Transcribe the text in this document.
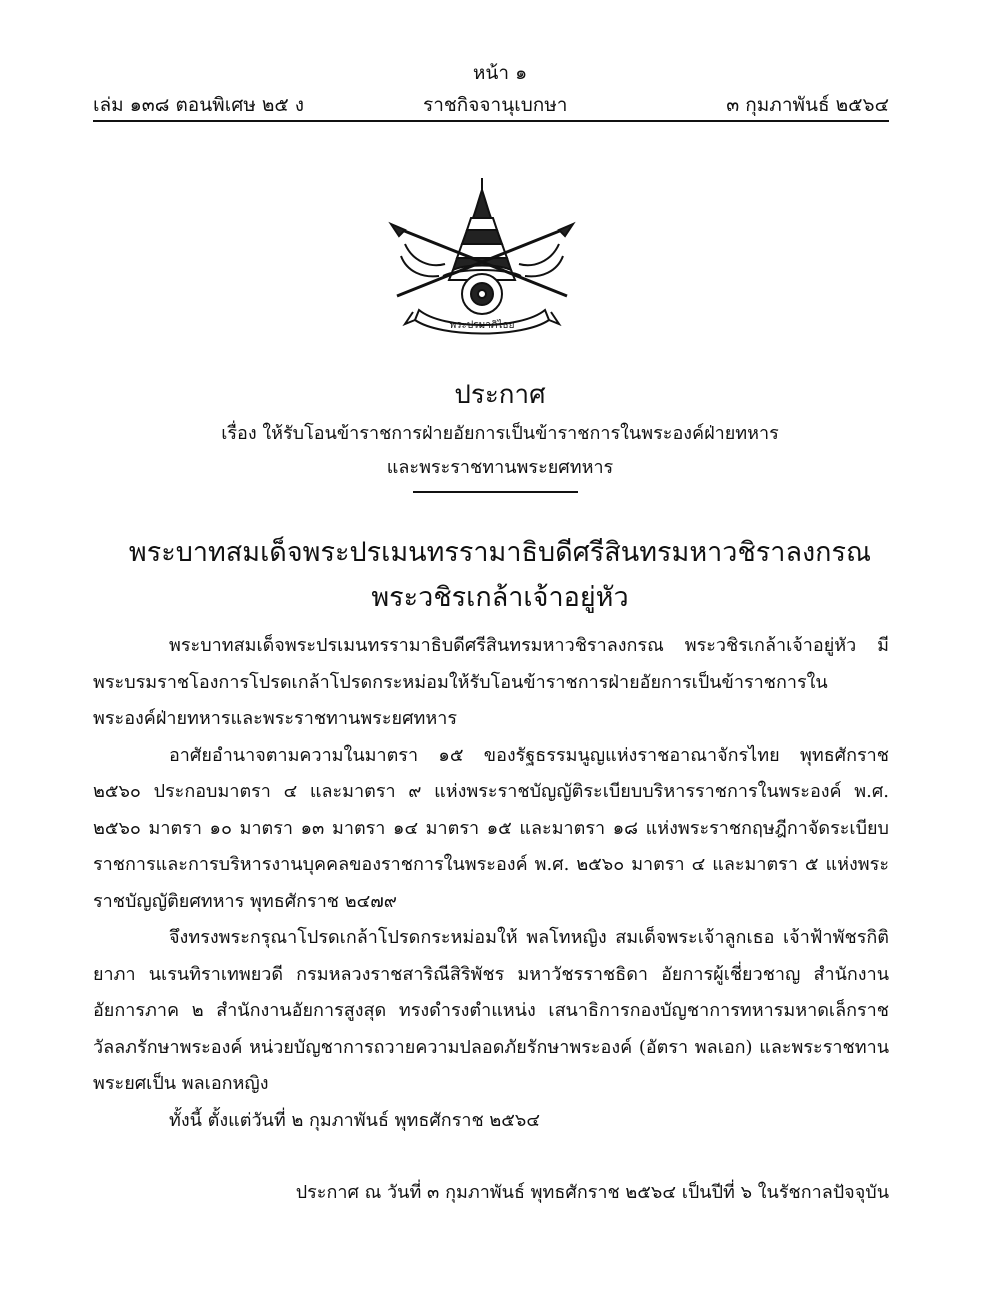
หน้า ๑
เล่ม ๑๓๘ ตอนพิเศษ ๒๕ ง	ราชกิจจานุเบกษา	๓ กุมภาพันธ์ ๒๕๖๔
พระปรมาภิไธย
ประกาศ
เรื่อง ให้รับโอนข้าราชการฝ่ายอัยการเป็นข้าราชการในพระองค์ฝ่ายทหาร
และพระราชทานพระยศทหาร
พระบาทสมเด็จพระปรเมนทรรามาธิบดีศรีสินทรมหาวชิราลงกรณ
พระวชิรเกล้าเจ้าอยู่หัว

พระบาทสมเด็จพระปรเมนทรรามาธิบดีศรีสินทรมหาวชิราลงกรณ พระวชิรเกล้าเจ้าอยู่หัว มีพระบรมราชโองการโปรดเกล้าโปรดกระหม่อมให้รับโอนข้าราชการฝ่ายอัยการเป็นข้าราชการในพระองค์ฝ่ายทหารและพระราชทานพระยศทหาร

อาศัยอำนาจตามความในมาตรา ๑๕ ของรัฐธรรมนูญแห่งราชอาณาจักรไทย พุทธศักราช ๒๕๖๐ ประกอบมาตรา ๔ และมาตรา ๙ แห่งพระราชบัญญัติระเบียบบริหารราชการในพระองค์ พ.ศ. ๒๕๖๐ มาตรา ๑๐ มาตรา ๑๓ มาตรา ๑๔ มาตรา ๑๕ และมาตรา ๑๘ แห่งพระราชกฤษฎีกาจัดระเบียบราชการและการบริหารงานบุคคลของราชการในพระองค์ พ.ศ. ๒๕๖๐ มาตรา ๔ และมาตรา ๕ แห่งพระราชบัญญัติยศทหาร พุทธศักราช ๒๔๗๙

จึงทรงพระกรุณาโปรดเกล้าโปรดกระหม่อมให้ พลโทหญิง สมเด็จพระเจ้าลูกเธอ เจ้าฟ้าพัชรกิติยาภา นเรนทิราเทพยวดี กรมหลวงราชสาริณีสิริพัชร มหาวัชรราชธิดา อัยการผู้เชี่ยวชาญ สำนักงานอัยการภาค ๒ สำนักงานอัยการสูงสุด ทรงดำรงตำแหน่ง เสนาธิการกองบัญชาการทหารมหาดเล็กราชวัลลภรักษาพระองค์ หน่วยบัญชาการถวายความปลอดภัยรักษาพระองค์ (อัตรา พลเอก) และพระราชทานพระยศเป็น พลเอกหญิง

ทั้งนี้ ตั้งแต่วันที่ ๒ กุมภาพันธ์ พุทธศักราช ๒๕๖๔

ประกาศ ณ วันที่ ๓ กุมภาพันธ์ พุทธศักราช ๒๕๖๔ เป็นปีที่ ๖ ในรัชกาลปัจจุบัน
